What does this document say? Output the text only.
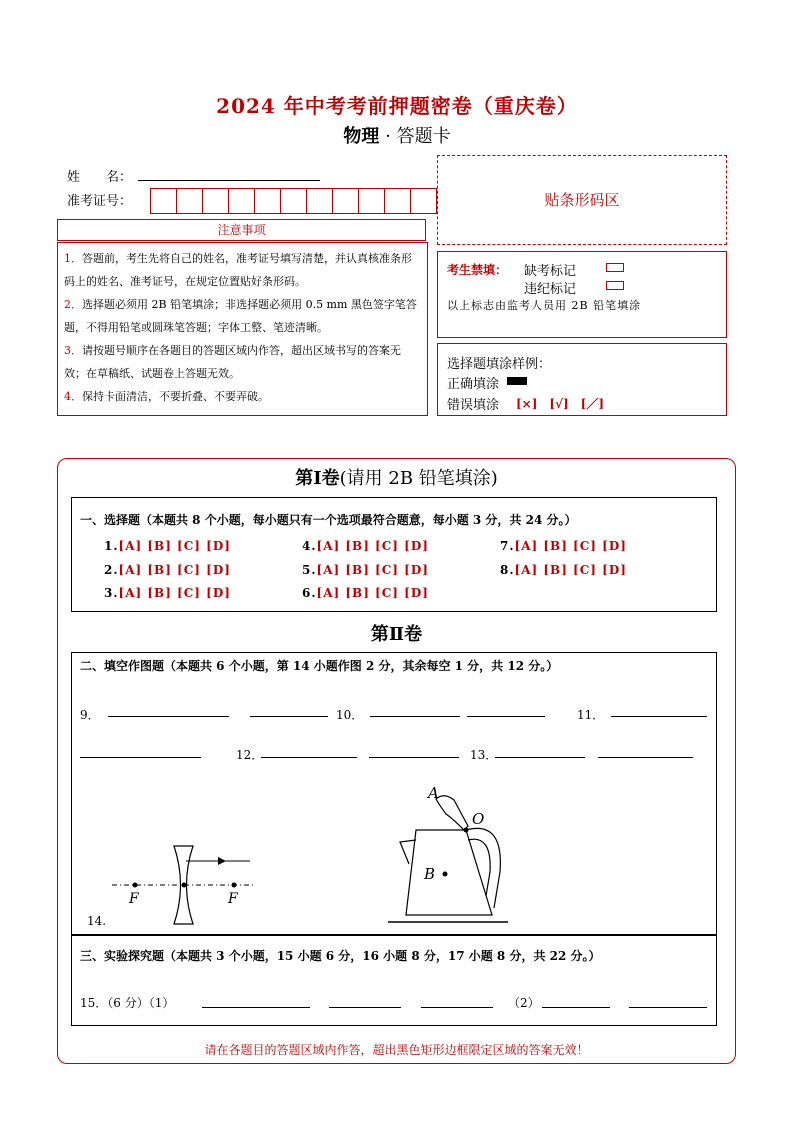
2024 年中考考前押题密卷（重庆卷）
物理 · 答题卡
姓　　名：
准考证号：	贴条形码区
注意事项

1．答题前，考生先将自己的姓名，准考证号填写清楚，并认真核准条形码上的姓名、准考证号，在规定位置贴好条形码。

2．选择题必须用 2B 铅笔填涂；非选择题必须用 0.5 mm 黑色签字笔答题，不得用铅笔或圆珠笔答题；字体工整、笔迹清晰。

3．请按题号顺序在各题目的答题区域内作答，超出区域书写的答案无效；在草稿纸、试题卷上答题无效。

4．保持卡面清洁，不要折叠、不要弄破。

考生禁填： 缺考标记
违纪标记
以上标志由监考人员用 2B 铅笔填涂
选择题填涂样例：
正确填涂
错误填涂 [×]　[√]　[／]
第Ⅰ卷(请用 2B 铅笔填涂)
一、选择题（本题共 8 个小题，每小题只有一个选项最符合题意，每小题 3 分，共 24 分。）
1.[A] [B] [C] [D]
2.[A] [B] [C] [D]
3.[A] [B] [C] [D]
4.[A] [B] [C] [D]
5.[A] [B] [C] [D]
6.[A] [B] [C] [D]
7.[A] [B] [C] [D]
8.[A] [B] [C] [D]
第Ⅱ卷
二、填空作图题（本题共 6 个小题，第 14 小题作图 2 分，其余每空 1 分，共 12 分。）
9．	10．	11．
12．	13．
F	F
14.
A
O
B
三、实验探究题（本题共 3 个小题，15 小题 6 分，16 小题 8 分，17 小题 8 分，共 22 分。）
15．（6 分）（1）	（2）
请在各题目的答题区域内作答，超出黑色矩形边框限定区域的答案无效！
